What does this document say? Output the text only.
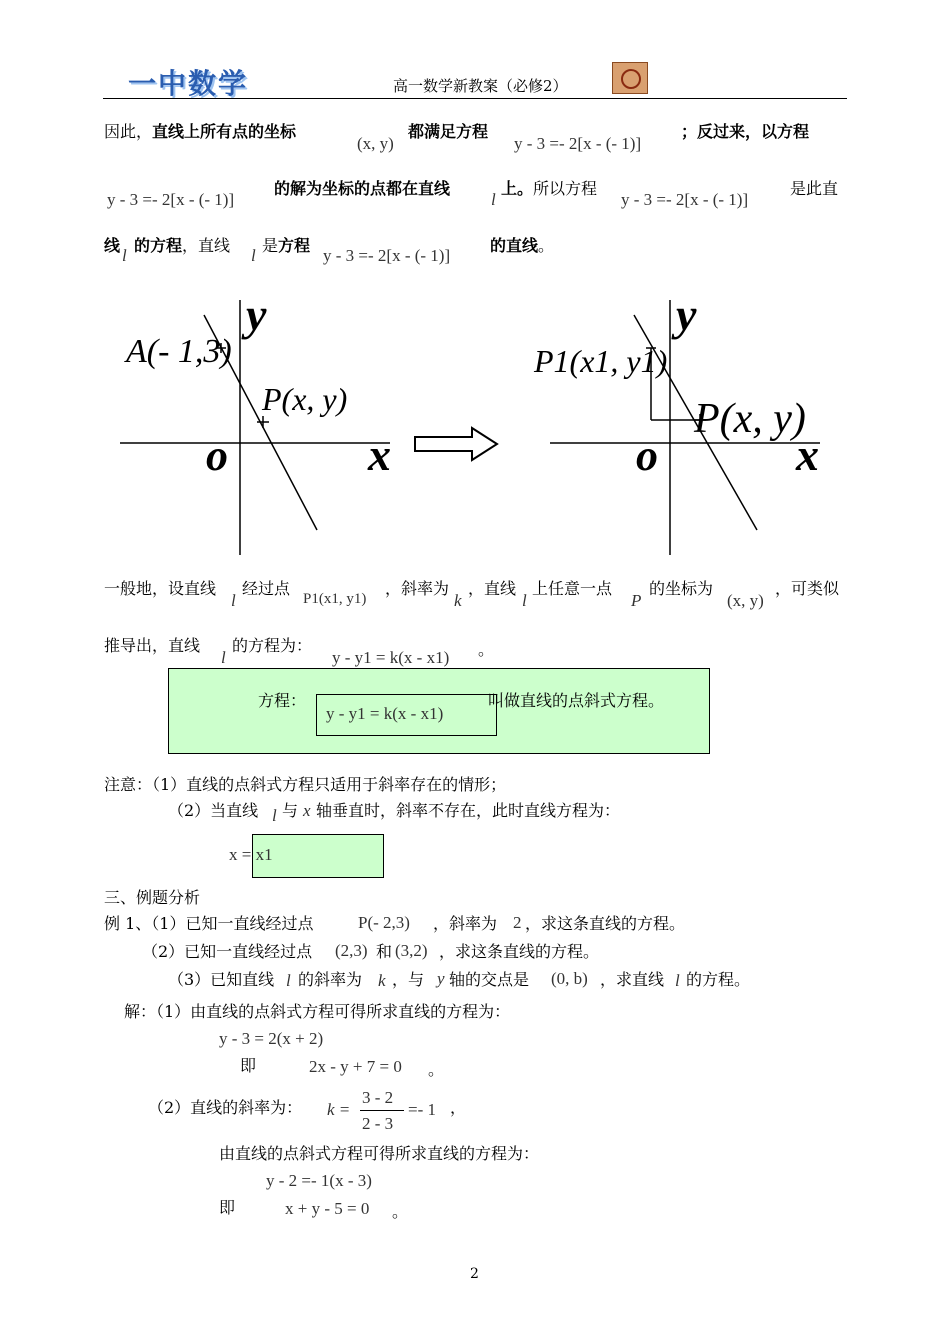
一中数学	高一数学新教案（必修2）
因此，直线上所有点的坐标
(x, y)
都满足方程
y - 3 =- 2[x - (- 1)]
；反过来，以方程
y - 3 =- 2[x - (- 1)]
的解为坐标的点都在直线
l
上。所以方程
y - 3 =- 2[x - (- 1)]
是此直
线
l
的方程，直线
l
是方程
y - 3 =- 2[x - (- 1)]
的直线。
A(- 1,3)
P(x, y)
o	x
y
P1(x1, y1)
P(x, y)
o	x
y
一般地，设直线
l
经过点
P1(x1, y1)
，斜率为
k
，直线
l
上任意一点
P
的坐标为
(x, y)
，可类似
推导出，直线
l
的方程为：
y - y1 = k(x - x1) 。
方程：
y - y1 = k(x - x1)
叫做直线的点斜式方程。
注意：（1）直线的点斜式方程只适用于斜率存在的情形；
（2）当直线 l 与 x 轴垂直时，斜率不存在，此时直线方程为：
x = x1
三、例题分析
例 1、（1）已知一直线经过点	P(- 2,3) ，斜率为 2 ，求这条直线的方程。
（2）已知一直线经过点 (2,3) 和 (3,2) ，求这条直线的方程。
（3）已知直线 l 的斜率为 k ，与 y 轴的交点是 (0, b) ，求直线 l 的方程。
解：（1）由直线的点斜式方程可得所求直线的方程为：
y - 3 = 2(x + 2)
即	2x - y + 7 = 0 。
（2）直线的斜率为： k =
3 - 2
2 - 3
=- 1 ，
由直线的点斜式方程可得所求直线的方程为：
y - 2 =- 1(x - 3)
即	x + y - 5 = 0 。
2
